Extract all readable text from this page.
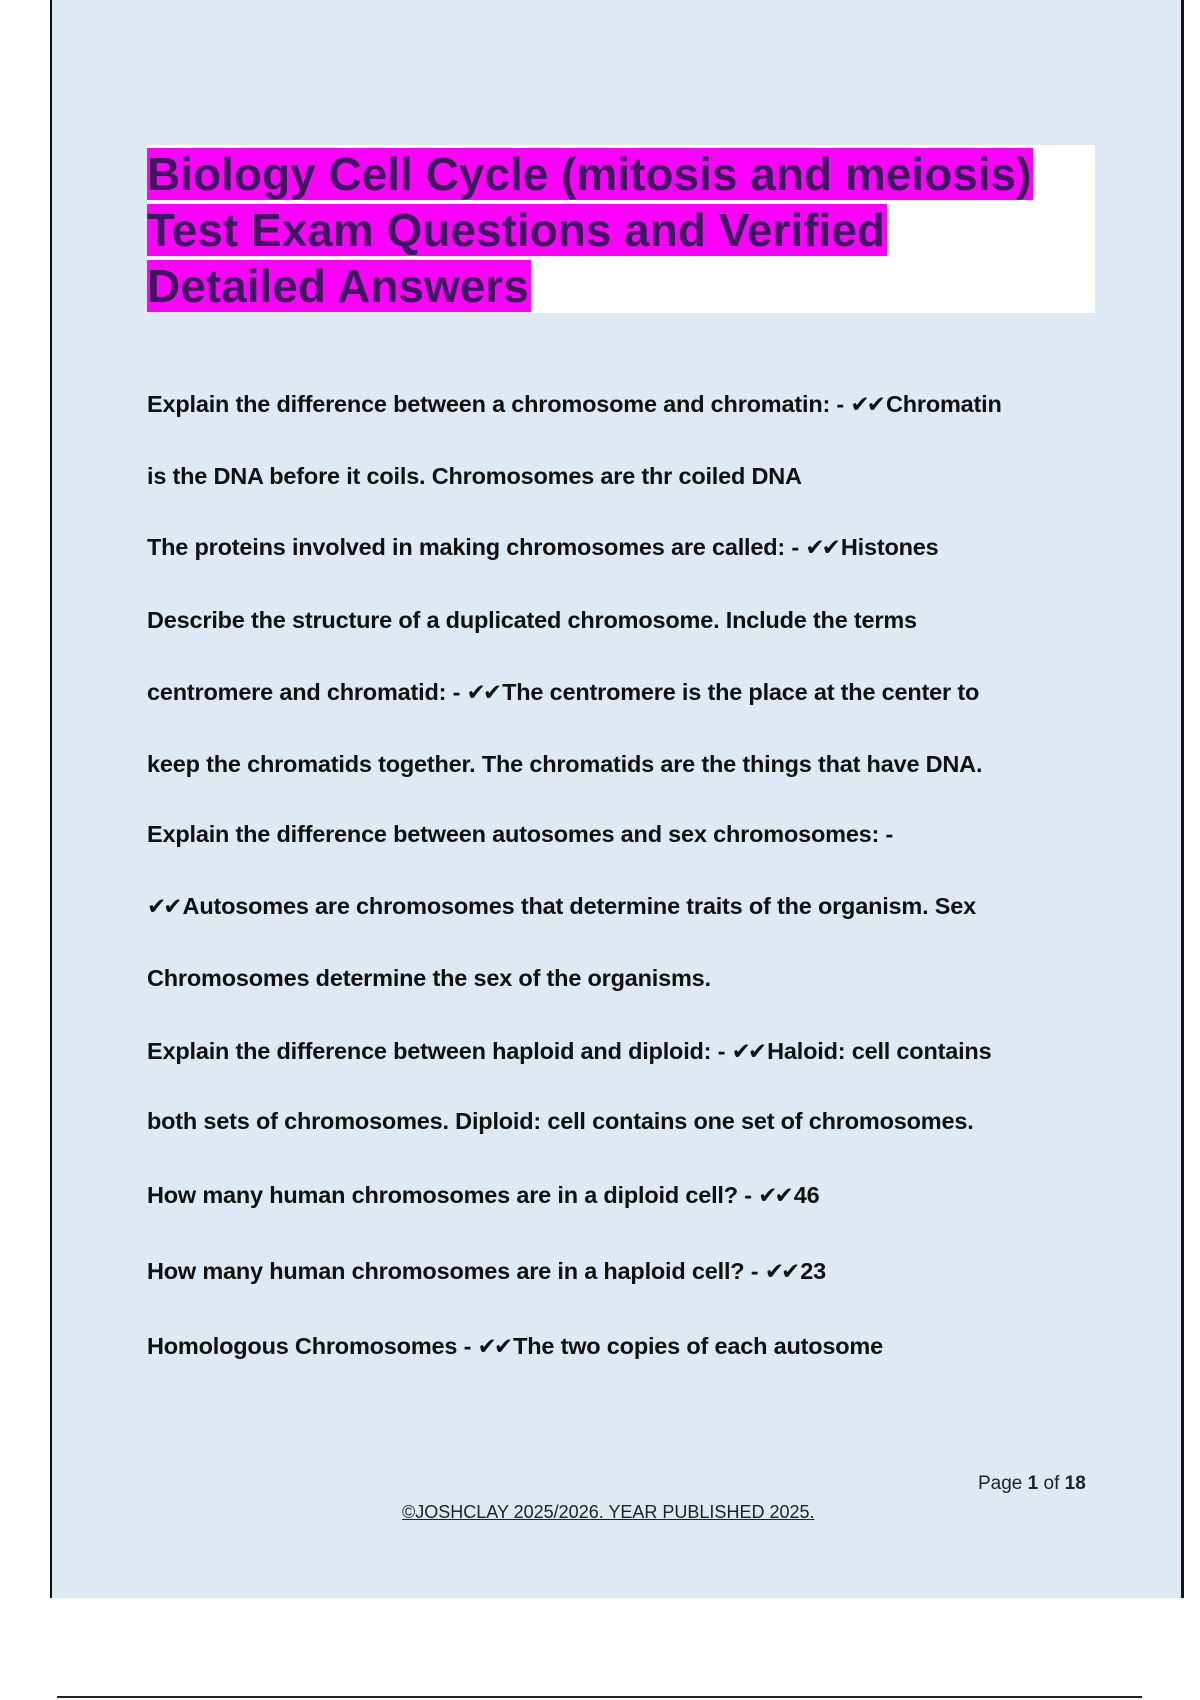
Biology Cell Cycle (mitosis and meiosis)
Test Exam Questions and Verified
Detailed Answers
Explain the difference between a chromosome and chromatin: - ✔✔ Chromatin
is the DNA before it coils. Chromosomes are thr coiled DNA
The proteins involved in making chromosomes are called: - ✔✔ Histones
Describe the structure of a duplicated chromosome. Include the terms
centromere and chromatid: - ✔✔ The centromere is the place at the center to
keep the chromatids together. The chromatids are the things that have DNA.
Explain the difference between autosomes and sex chromosomes: -
✔✔ Autosomes are chromosomes that determine traits of the organism. Sex
Chromosomes determine the sex of the organisms.
Explain the difference between haploid and diploid: - ✔✔ Haloid: cell contains
both sets of chromosomes. Diploid: cell contains one set of chromosomes.
How many human chromosomes are in a diploid cell? - ✔✔ 46
How many human chromosomes are in a haploid cell? - ✔✔ 23
Homologous Chromosomes - ✔✔ The two copies of each autosome
Page 1 of 18
©JOSHCLAY 2025/2026. YEAR PUBLISHED 2025.
